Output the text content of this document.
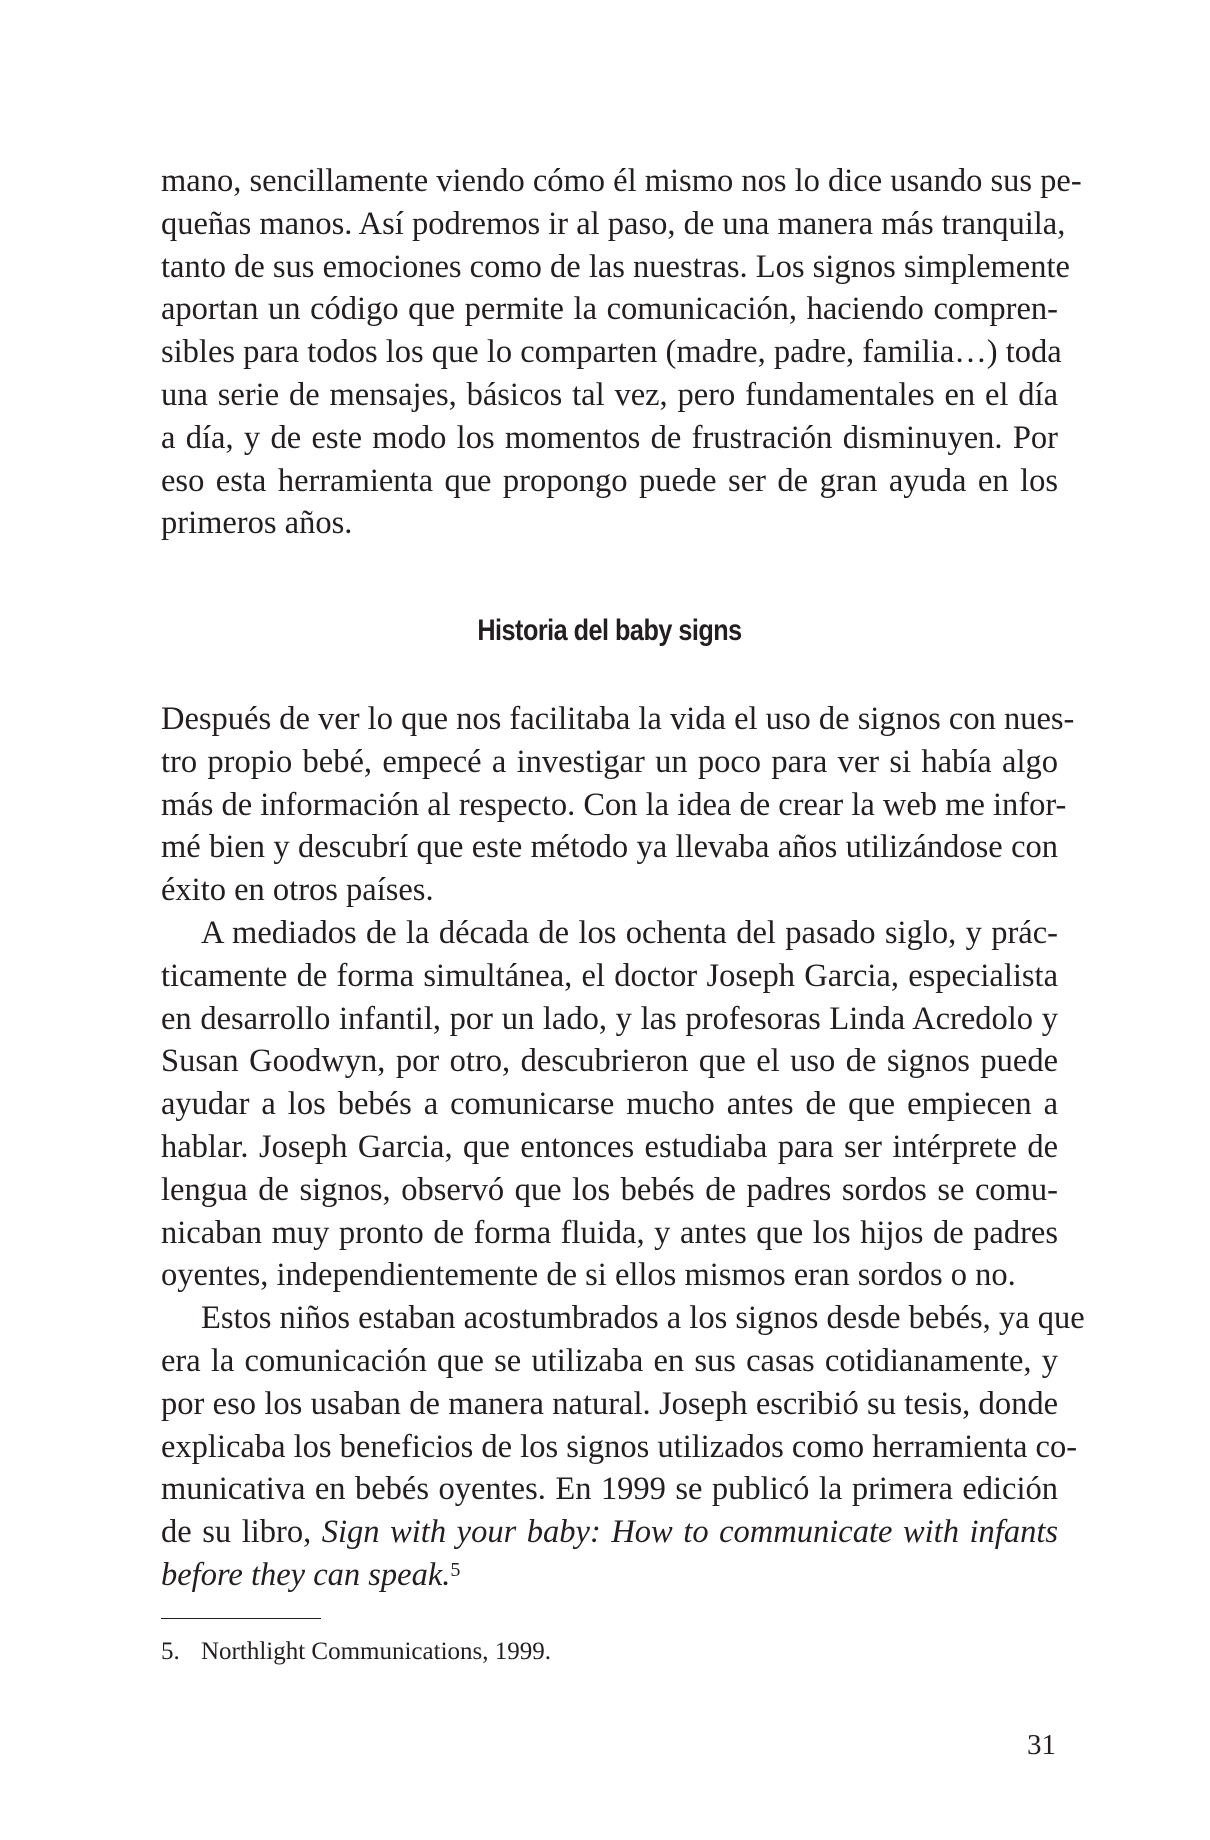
mano, sencillamente viendo cómo él mismo nos lo dice usando sus pe-
queñas manos. Así podremos ir al paso, de una manera más tranquila,
tanto de sus emociones como de las nuestras. Los signos simplemente
aportan un código que permite la comunicación, haciendo compren-
sibles para todos los que lo comparten (madre, padre, familia…) toda
una serie de mensajes, básicos tal vez, pero fundamentales en el día
a día, y de este modo los momentos de frustración disminuyen. Por
eso esta herramienta que propongo puede ser de gran ayuda en los
primeros años.
Historia del baby signs
Después de ver lo que nos facilitaba la vida el uso de signos con nues-
tro propio bebé, empecé a investigar un poco para ver si había algo
más de información al respecto. Con la idea de crear la web me infor-
mé bien y descubrí que este método ya llevaba años utilizándose con
éxito en otros países.
A mediados de la década de los ochenta del pasado siglo, y prác-
ticamente de forma simultánea, el doctor Joseph Garcia, especialista
en desarrollo infantil, por un lado, y las profesoras Linda Acredolo y
Susan Goodwyn, por otro, descubrieron que el uso de signos puede
ayudar a los bebés a comunicarse mucho antes de que empiecen a
hablar. Joseph Garcia, que entonces estudiaba para ser intérprete de
lengua de signos, observó que los bebés de padres sordos se comu-
nicaban muy pronto de forma fluida, y antes que los hijos de padres
oyentes, independientemente de si ellos mismos eran sordos o no.
Estos niños estaban acostumbrados a los signos desde bebés, ya que
era la comunicación que se utilizaba en sus casas cotidianamente, y
por eso los usaban de manera natural. Joseph escribió su tesis, donde
explicaba los beneficios de los signos utilizados como herramienta co-
municativa en bebés oyentes. En 1999 se publicó la primera edición
de su libro, Sign with your baby: How to communicate with infants
before they can speak.$^5$
5. Northlight Communications, 1999.
31
